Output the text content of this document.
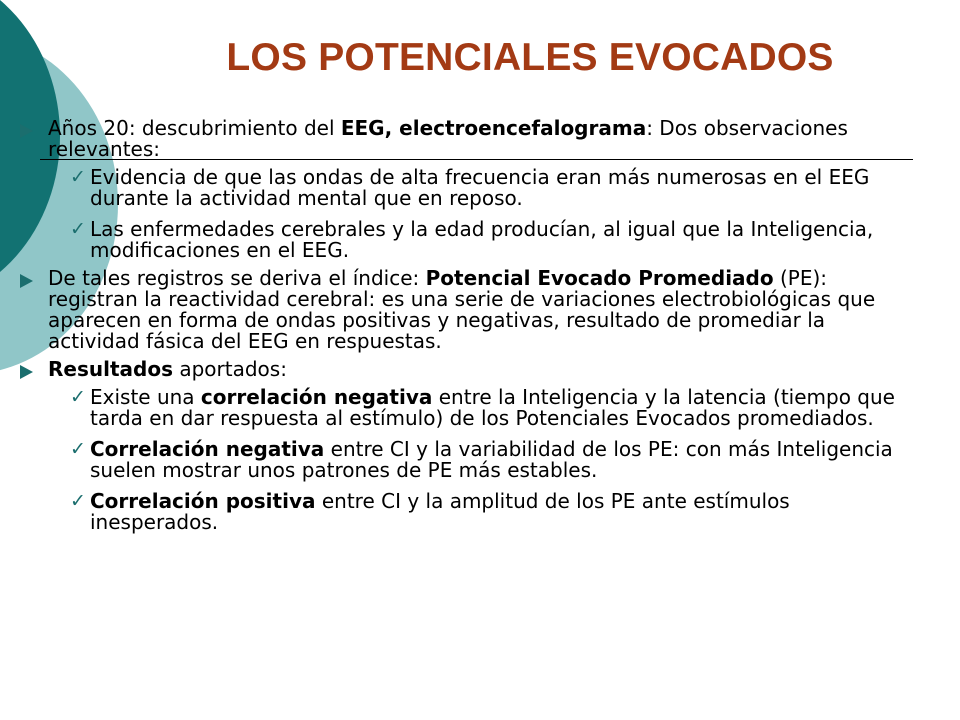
LOS POTENCIALES EVOCADOS
Años 20: descubrimiento del EEG, electroencefalograma: Dos observaciones relevantes:
✓ Evidencia de que las ondas de alta frecuencia eran más numerosas en el EEG durante la actividad mental que en reposo.
✓ Las enfermedades cerebrales y la edad producían, al igual que la Inteligencia, modificaciones en el EEG.
De tales registros se deriva el índice: Potencial Evocado Promediado (PE): registran la reactividad cerebral: es una serie de variaciones electrobiológicas que aparecen en forma de ondas positivas y negativas, resultado de promediar la actividad fásica del EEG en respuestas.
Resultados aportados:
✓ Existe una correlación negativa entre la Inteligencia y la latencia (tiempo que tarda en dar respuesta al estímulo) de los Potenciales Evocados promediados.
✓ Correlación negativa entre CI y la variabilidad de los PE: con más Inteligencia suelen mostrar unos patrones de PE más estables.
✓ Correlación positiva entre CI y la amplitud de los PE ante estímulos inesperados.
